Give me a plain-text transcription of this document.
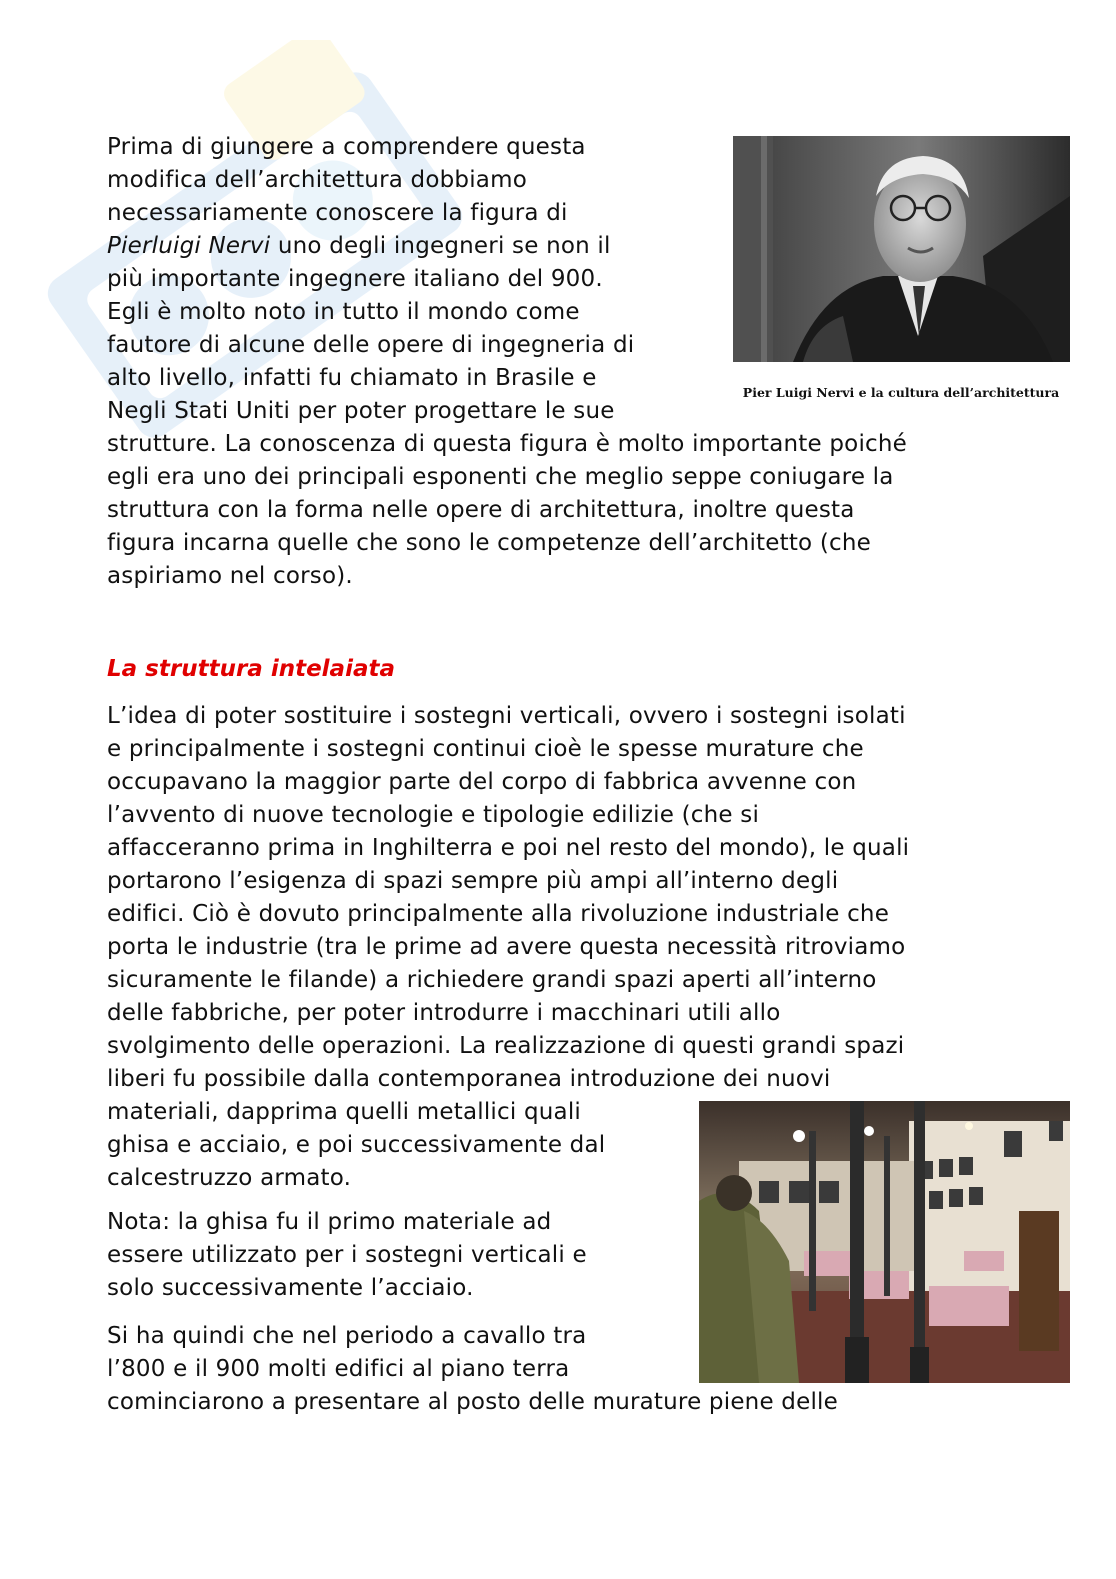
Pier Luigi Nervi e la cultura dell’architettura

Prima di giungere a comprendere questa
modifica dell’architettura dobbiamo
necessariamente conoscere la figura di
Pierluigi Nervi uno degli ingegneri se non il
più importante ingegnere italiano del 900.
Egli è molto noto in tutto il mondo come
fautore di alcune delle opere di ingegneria di
alto livello, infatti fu chiamato in Brasile e
Negli Stati Uniti per poter progettare le sue
strutture. La conoscenza di questa figura è molto importante poiché
egli era uno dei principali esponenti che meglio seppe coniugare la
struttura con la forma nelle opere di architettura, inoltre questa
figura incarna quelle che sono le competenze dell’architetto (che
aspiriamo nel corso).

La struttura intelaiata

L’idea di poter sostituire i sostegni verticali, ovvero i sostegni isolati
e principalmente i sostegni continui cioè le spesse murature che
occupavano la maggior parte del corpo di fabbrica avvenne con
l’avvento di nuove tecnologie e tipologie edilizie (che si
affacceranno prima in Inghilterra e poi nel resto del mondo), le quali
portarono l’esigenza di spazi sempre più ampi all’interno degli
edifici. Ciò è dovuto principalmente alla rivoluzione industriale che
porta le industrie (tra le prime ad avere questa necessità ritroviamo
sicuramente le filande) a richiedere grandi spazi aperti all’interno
delle fabbriche, per poter introdurre i macchinari utili allo
svolgimento delle operazioni. La realizzazione di questi grandi spazi
liberi fu possibile dalla contemporanea introduzione dei nuovi
materiali, dapprima quelli metallici quali
ghisa e acciaio, e poi successivamente dal
calcestruzzo armato.

Nota: la ghisa fu il primo materiale ad
essere utilizzato per i sostegni verticali e
solo successivamente l’acciaio.

Si ha quindi che nel periodo a cavallo tra
l’800 e il 900 molti edifici al piano terra
cominciarono a presentare al posto delle murature piene delle
